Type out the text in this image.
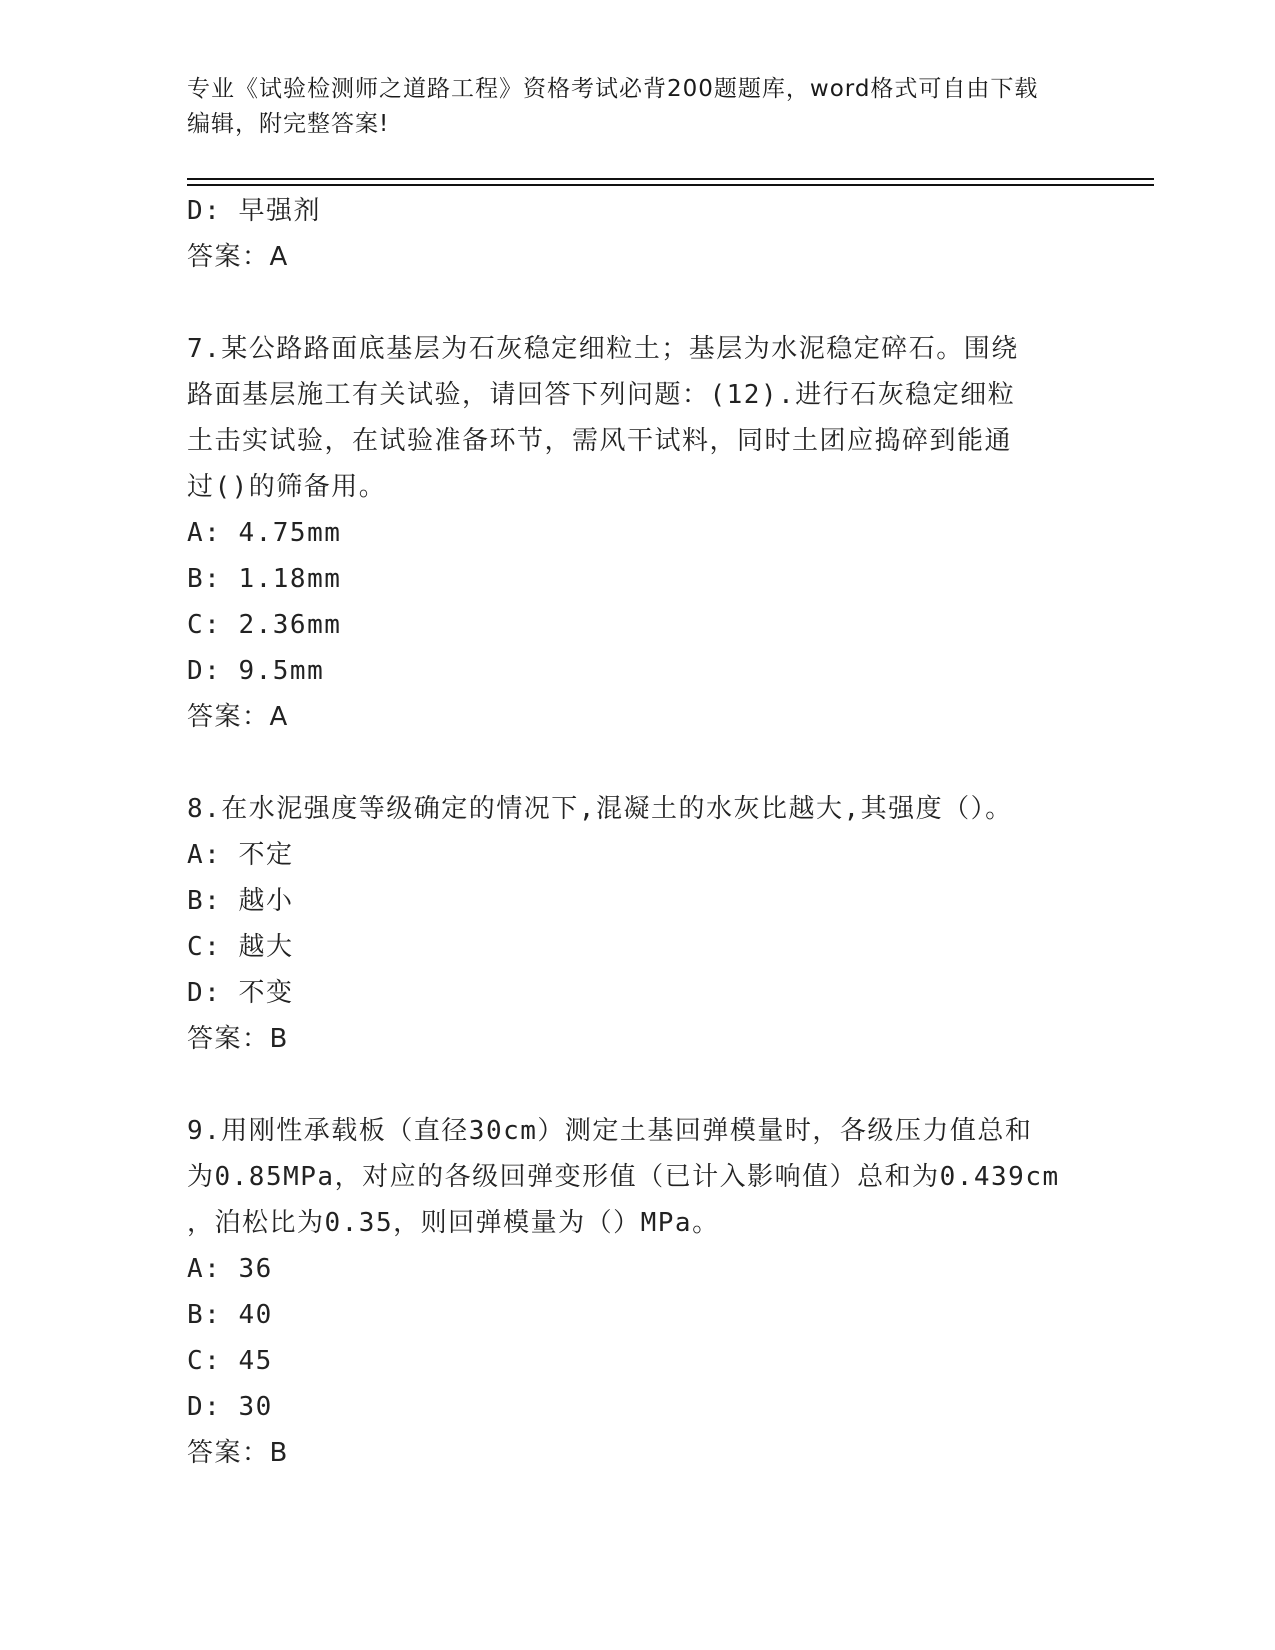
专业《试验检测师之道路工程》资格考试必背200题题库，word格式可自由下载
编辑，附完整答案!
D: 早强剂
答案：A
7.某公路路面底基层为石灰稳定细粒土；基层为水泥稳定碎石。围绕
路面基层施工有关试验，请回答下列问题：(12).进行石灰稳定细粒
土击实试验，在试验准备环节，需风干试料，同时土团应捣碎到能通
过()的筛备用。
A: 4.75mm
B: 1.18mm
C: 2.36mm
D: 9.5mm
答案：A
8.在水泥强度等级确定的情况下,混凝土的水灰比越大,其强度（）。
A: 不定
B: 越小
C: 越大
D: 不变
答案：B
9.用刚性承载板（直径30cm）测定土基回弹模量时，各级压力值总和
为0.85MPa，对应的各级回弹变形值（已计入影响值）总和为0.439cm
，泊松比为0.35，则回弹模量为（）MPa。
A: 36
B: 40
C: 45
D: 30
答案：B
